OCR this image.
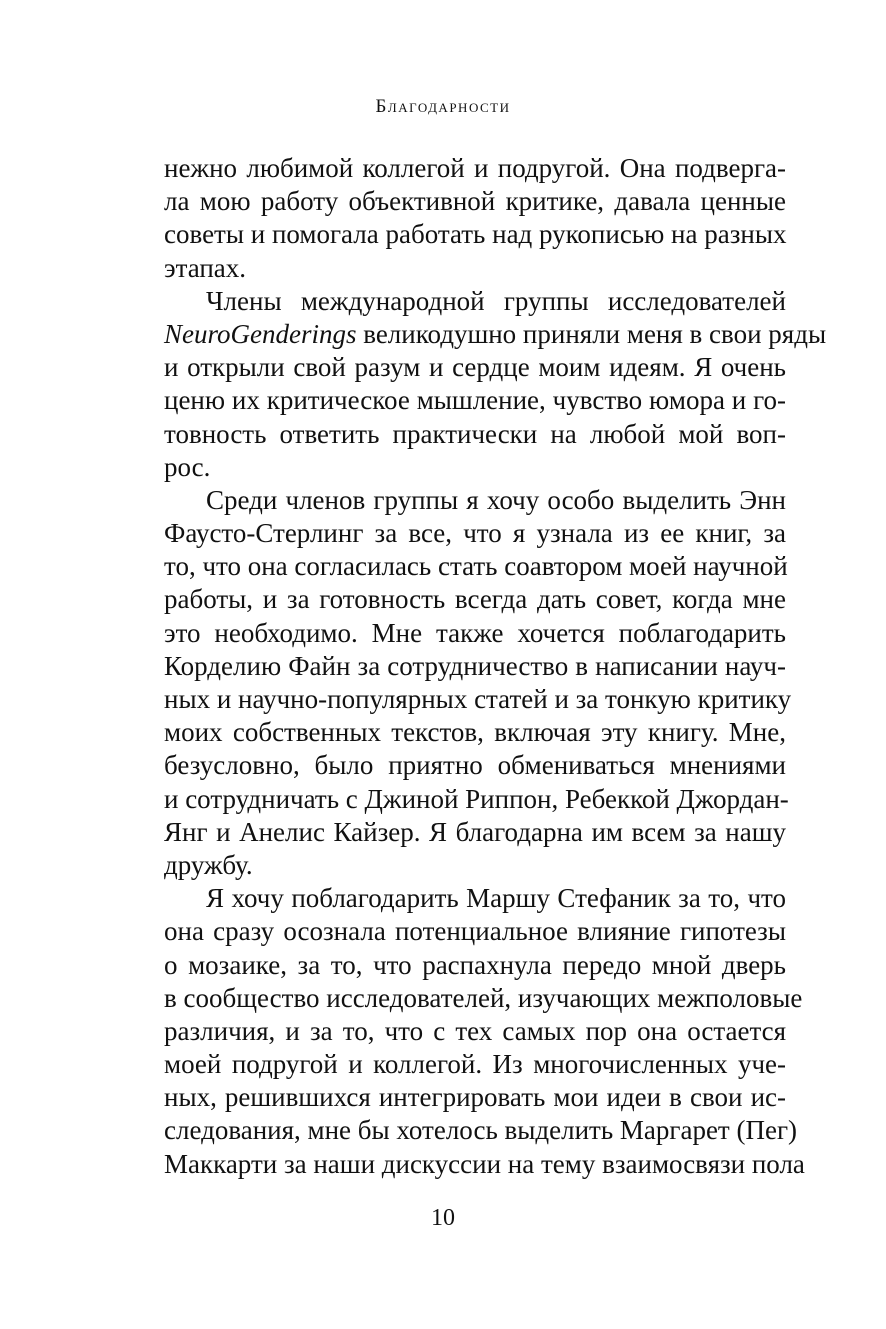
Благодарности
нежно любимой коллегой и подругой. Она подверга-
ла мою работу объективной критике, давала ценные
советы и помогала работать над рукописью на разных
этапах.
Члены международной группы исследователей
NeuroGenderings великодушно приняли меня в свои ряды
и открыли свой разум и сердце моим идеям. Я очень
ценю их критическое мышление, чувство юмора и го-
товность ответить практически на любой мой воп-
рос.
Среди членов группы я хочу особо выделить Энн
Фаусто-Стерлинг за все, что я узнала из ее книг, за
то, что она согласилась стать соавтором моей научной
работы, и за готовность всегда дать совет, когда мне
это необходимо. Мне также хочется поблагодарить
Корделию Файн за сотрудничество в написании науч-
ных и научно-популярных статей и за тонкую критику
моих собственных текстов, включая эту книгу. Мне,
безусловно, было приятно обмениваться мнениями
и сотрудничать с Джиной Риппон, Ребеккой Джордан-
Янг и Анелис Кайзер. Я благодарна им всем за нашу
дружбу.
Я хочу поблагодарить Маршу Стефаник за то, что
она сразу осознала потенциальное влияние гипотезы
о мозаике, за то, что распахнула передо мной дверь
в сообщество исследователей, изучающих межполовые
различия, и за то, что с тех самых пор она остается
моей подругой и коллегой. Из многочисленных уче-
ных, решившихся интегрировать мои идеи в свои ис-
следования, мне бы хотелось выделить Маргарет (Пег)
Маккарти за наши дискуссии на тему взаимосвязи пола
10
